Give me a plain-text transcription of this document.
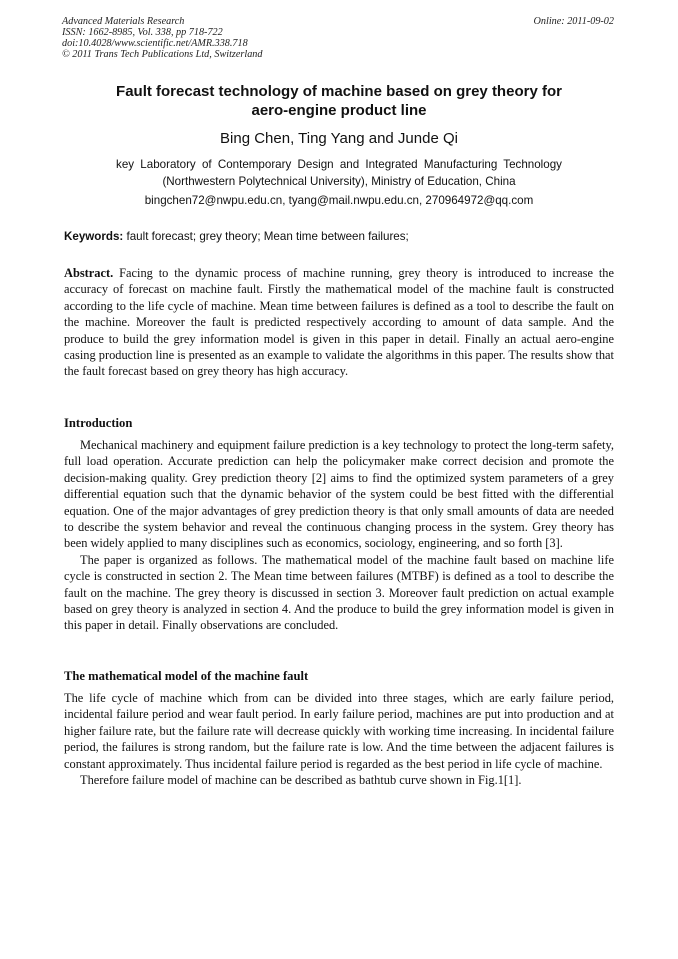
Advanced Materials Research
ISSN: 1662-8985, Vol. 338, pp 718-722
doi:10.4028/www.scientific.net/AMR.338.718
© 2011 Trans Tech Publications Ltd, Switzerland
Online: 2011-09-02
Fault forecast technology of machine based on grey theory for
aero-engine product line
Bing Chen, Ting Yang and Junde Qi
key Laboratory of Contemporary Design and Integrated Manufacturing Technology
(Northwestern Polytechnical University), Ministry of Education, China
bingchen72@nwpu.edu.cn, tyang@mail.nwpu.edu.cn, 270964972@qq.com
Keywords: fault forecast; grey theory; Mean time between failures;
Abstract. Facing to the dynamic process of machine running, grey theory is introduced to increase the accuracy of forecast on machine fault. Firstly the mathematical model of the machine fault is constructed according to the life cycle of machine. Mean time between failures is defined as a tool to describe the fault on the machine. Moreover the fault is predicted respectively according to amount of data sample. And the produce to build the grey information model is given in this paper in detail. Finally an actual aero-engine casing production line is presented as an example to validate the algorithms in this paper. The results show that the fault forecast based on grey theory has high accuracy.
Introduction

Mechanical machinery and equipment failure prediction is a key technology to protect the long-term safety, full load operation. Accurate prediction can help the policymaker make correct decision and promote the decision-making quality. Grey prediction theory [2] aims to find the optimized system parameters of a grey differential equation such that the dynamic behavior of the system could be best fitted with the differential equation. One of the major advantages of grey prediction theory is that only small amounts of data are needed to describe the system behavior and reveal the continuous changing process in the system. Grey theory has been widely applied to many disciplines such as economics, sociology, engineering, and so forth [3].

The paper is organized as follows. The mathematical model of the machine fault based on machine life cycle is constructed in section 2. The Mean time between failures (MTBF) is defined as a tool to describe the fault on the machine. The grey theory is discussed in section 3. Moreover fault prediction on actual example based on grey theory is analyzed in section 4. And the produce to build the grey information model is given in this paper in detail. Finally observations are concluded.

The mathematical model of the machine fault

The life cycle of machine which from can be divided into three stages, which are early failure period, incidental failure period and wear fault period. In early failure period, machines are put into production and at higher failure rate, but the failure rate will decrease quickly with working time increasing. In incidental failure period, the failures is strong random, but the failure rate is low. And the time between the adjacent failures is constant approximately. Thus incidental failure period is regarded as the best period in life cycle of machine.

Therefore failure model of machine can be described as bathtub curve shown in Fig.1[1].
